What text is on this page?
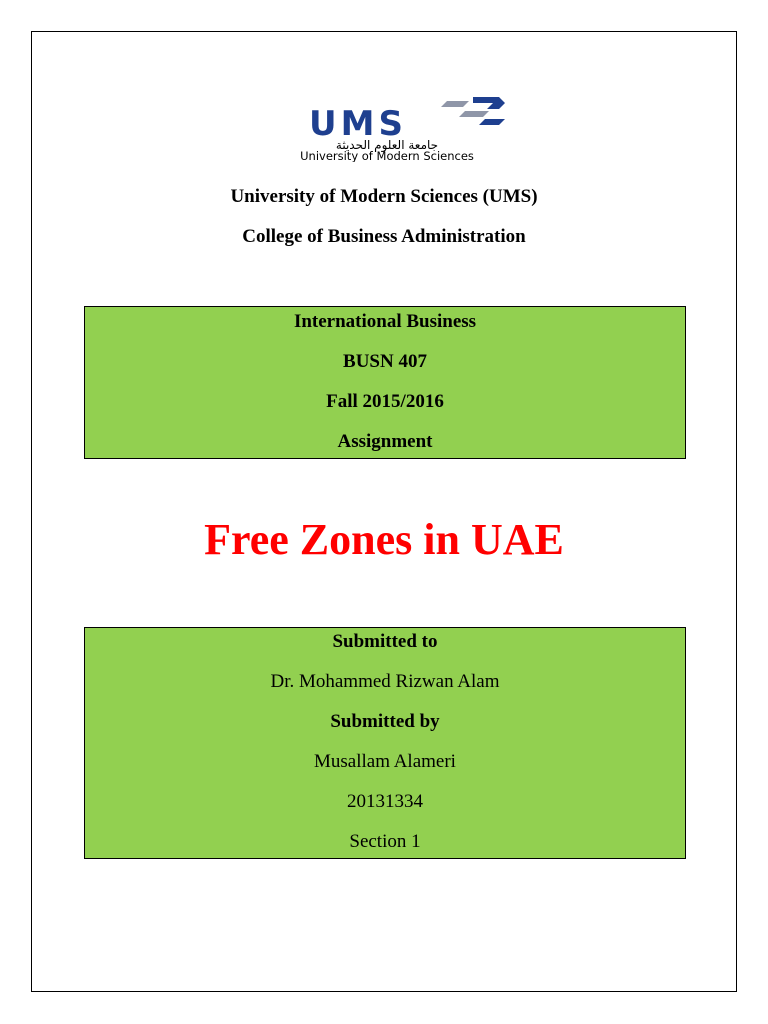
UMS
جامعة العلوم الحديثة
University of Modern Sciences
University of Modern Sciences (UMS)
College of Business Administration
International Business
BUSN 407
Fall 2015/2016
Assignment
Free Zones in UAE
Submitted to
Dr. Mohammed Rizwan Alam
Submitted by
Musallam Alameri
20131334
Section 1
